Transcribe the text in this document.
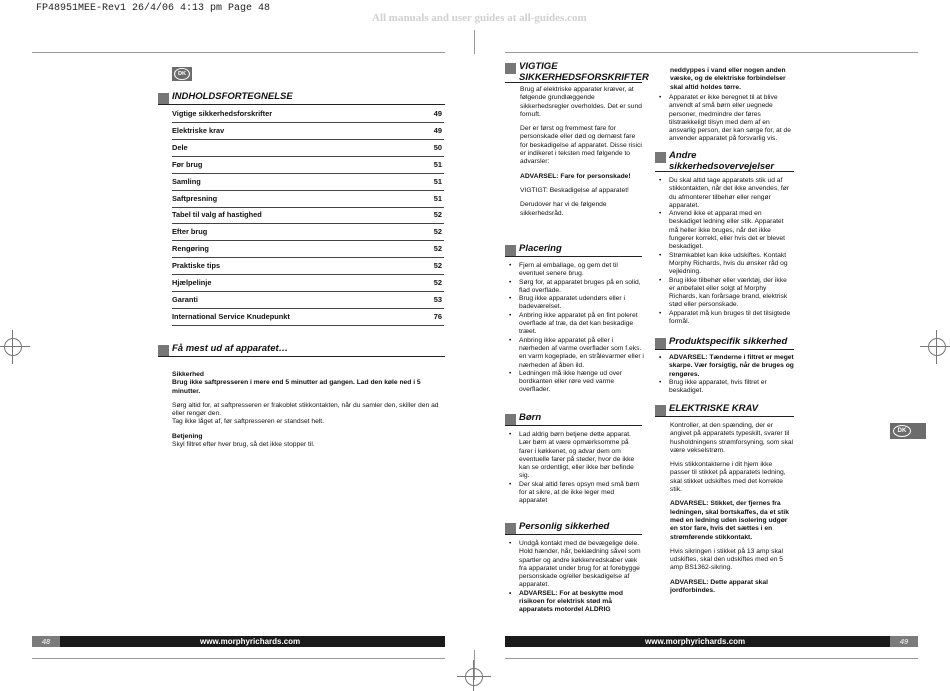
FP48951MEE-Rev1 26/4/06 4:13 pm Page 48
All manuals and user guides at all-guides.com
DK
INDHOLDSFORTEGNELSE
Vigtige sikkerhedsforskrifter	49
Elektriske krav	49
Dele	50
Før brug	51
Samling	51
Saftpresning	51
Tabel til valg af hastighed	52
Efter brug	52
Rengøring	52
Praktiske tips	52
Hjælpelinje	52
Garanti	53
International Service Knudepunkt	76
Få mest ud af apparatet…
Sikkerhed

Brug ikke saftpresseren i mere end 5 minutter ad gangen. Lad den køle ned i 5 minutter.

Sørg altid for, at saftpresseren er frakoblet stikkontakten, når du samler den, skiller den ad eller rengør den.

Tag ikke låget af, før saftpresseren er standset helt.

Betjening
Skyl filtret efter hver brug, så det ikke stopper til.
48	www.morphyrichards.com
VIGTIGE SIKKERHEDSFORSKRIFTER

Brug af elektriske apparater kræver, at følgende grundlæggende sikkerhedsregler overholdes. Det er sund fornuft.

Der er først og fremmest fare for personskade eller død og dernæst fare for beskadigelse af apparatet. Disse risici er indikeret i teksten med følgende to advarsler:

ADVARSEL: Fare for personskade!

VIGTIGT: Beskadigelse af apparatet!

Derudover har vi de følgende sikkerhedsråd.

Placering
• Fjern al emballage, og gem det til eventuel senere brug.
• Sørg for, at apparatet bruges på en solid, flad overflade.
• Brug ikke apparatet udendørs eller i badeværelset.
• Anbring ikke apparatet på en fint poleret overflade af træ, da det kan beskadige træet.
• Anbring ikke apparatet på eller i nærheden af varme overflader som f.eks. en varm kogeplade, en strålevarmer eller i nærheden af åben ild.
• Ledningen må ikke hænge ud over bordkanten eller røre ved varme overflader.
Børn
• Lad aldrig børn betjene dette apparat. Lær børn at være opmærksomme på farer i køkkenet, og advar dem om eventuelle farer på steder, hvor de ikke kan se ordentligt, eller ikke bør befinde sig.
• Der skal altid føres opsyn med små børn for at sikre, at de ikke leger med apparatet
Personlig sikkerhed
• Undgå kontakt med de bevægelige dele. Hold hænder, hår, beklædning såvel som spartler og andre køkkenredskaber væk fra apparatet under brug for at forebygge personskade og/eller beskadigelse af apparatet.
• ADVARSEL: For at beskytte mod risikoen for elektrisk stød må apparatets motordel ALDRIG
neddyppes i vand eller nogen anden væske, og de elektriske forbindelser skal altid holdes tørre.
• Apparatet er ikke beregnet til at blive anvendt af små børn eller uegnede personer, medmindre der føres tilstrækkeligt tilsyn med dem af en ansvarlig person, der kan sørge for, at de anvender apparatet på forsvarlig vis.
Andre sikkerhedsovervejelser
• Du skal altid tage apparatets stik ud af stikkontakten, når det ikke anvendes, før du afmonterer tilbehør eller rengør apparatet.
• Anvend ikke et apparat med en beskadiget ledning eller stik. Apparatet må heller ikke bruges, når det ikke fungerer korrekt, eller hvis det er blevet beskadiget.
• Strømkablet kan ikke udskiftes. Kontakt Morphy Richards, hvis du ønsker råd og vejledning.
• Brug ikke tilbehør eller værktøj, der ikke er anbefalet eller solgt af Morphy Richards, kan forårsage brand, elektrisk stød eller personskade.
• Apparatet må kun bruges til det tilsigtede formål.
Produktspecifik sikkerhed
• ADVARSEL: Tænderne i filtret er meget skarpe. Vær forsigtig, når de bruges og rengøres.
• Brug ikke apparatet, hvis filtret er beskadiget.
ELEKTRISKE KRAV

Kontroller, at den spænding, der er angivet på apparatets typeskilt, svarer til husholdningens strømforsyning, som skal være vekselstrøm.

Hvis stikkontakterne i dit hjem ikke passer til stikket på apparatets ledning, skal stikket udskiftes med det korrekte stik.

ADVARSEL: Stikket, der fjernes fra ledningen, skal bortskaffes, da et stik med en ledning uden isolering udgør en stor fare, hvis det sættes i en strømførende stikkontakt.

Hvis sikringen i stikket på 13 amp skal udskiftes, skal den udskiftes med en 5 amp BS1362-sikring.

ADVARSEL: Dette apparat skal jordforbindes.

DK
www.morphyrichards.com	49
